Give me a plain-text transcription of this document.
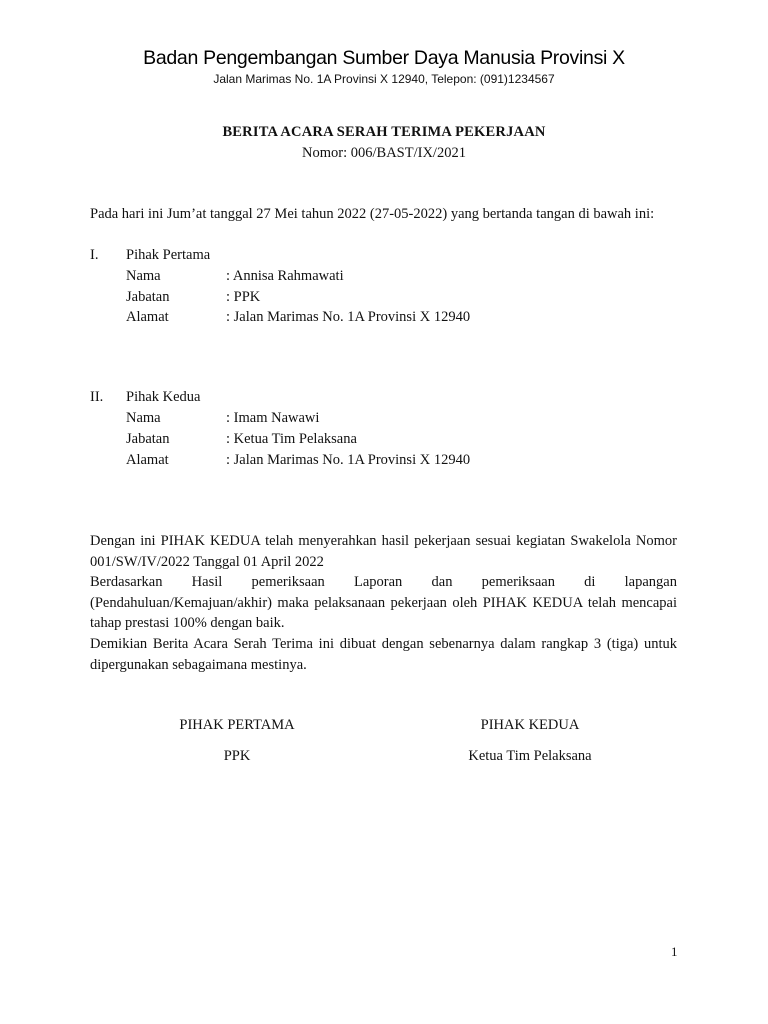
Badan Pengembangan Sumber Daya Manusia Provinsi X
Jalan Marimas No. 1A Provinsi X 12940, Telepon: (091)1234567
BERITA ACARA SERAH TERIMA PEKERJAAN
Nomor: 006/BAST/IX/2021
Pada hari ini Jum’at tanggal 27 Mei tahun 2022 (27-05-2022) yang bertanda tangan di bawah ini:
I. Pihak Pertama
Nama	: Annisa Rahmawati
Jabatan	: PPK
Alamat	: Jalan Marimas No. 1A Provinsi X 12940
II. Pihak Kedua
Nama	: Imam Nawawi
Jabatan	: Ketua Tim Pelaksana
Alamat	: Jalan Marimas No. 1A Provinsi X 12940
Dengan ini PIHAK KEDUA telah menyerahkan hasil pekerjaan sesuai kegiatan Swakelola Nomor 001/SW/IV/2022 Tanggal 01 April 2022
Berdasarkan Hasil pemeriksaan Laporan dan pemeriksaan di lapangan (Pendahuluan/Kemajuan/akhir) maka pelaksanaan pekerjaan oleh PIHAK KEDUA telah mencapai tahap prestasi 100% dengan baik.
Demikian Berita Acara Serah Terima ini dibuat dengan sebenarnya dalam rangkap 3 (tiga) untuk dipergunakan sebagaimana mestinya.
PIHAK PERTAMA
PPK
PIHAK KEDUA
Ketua Tim Pelaksana
1
